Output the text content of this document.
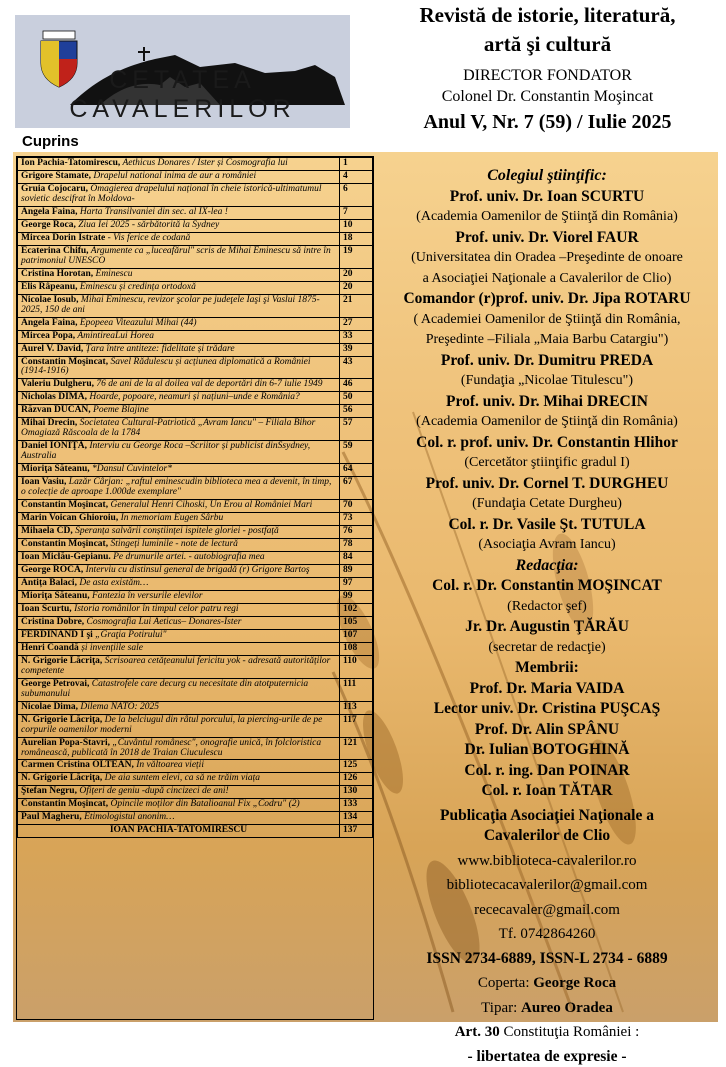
CETATEA CAVALERILOR
Cuprins
Revistă de istorie, literatură,
artă şi cultură
DIRECTOR FONDATOR
Colonel Dr. Constantin Moşincat
Anul V, Nr. 7 (59) / Iulie 2025
Ion Pachia-Tatomirescu, Aethicus Donares / Ister și Cosmografia lui	1
Grigore Stamate, Drapelul national inima de aur a româniei	4
Gruia Cojocaru, Omagierea drapelului național în cheie istorică-ultimatumul sovietic descifrat în Moldova-	6
Angela Faina, Harta Transilvaniei din sec. al IX-lea !	7
George Roca, Ziua Iei 2025 - sărbătorită la Sydney	10
Mircea Dorin Istrate - Vis ferice de codană	18
Ecaterina Chifu, Argumente ca „luceafărul" scris de Mihai Eminescu să intre în patrimoniul UNESCO	19
Cristina Horotan, Eminescu	20
Elis Râpeanu, Eminescu și credința ortodoxă	20
Nicolae Iosub, Mihai Eminescu, revizor şcolar pe judeţele Iaşi şi Vaslui 1875- 2025, 150 de ani	21
Angela Faina, Epopeea Viteazului Mihai (44)	27
Mircea Popa, AmintireaLui Horea	33
Aurel V. David, Țara între antiteze: fidelitate și trădare	39
Constantin Moşincat, Savel Rădulescu și acțiunea diplomatică a României (1914-1916)	43
Valeriu Dulgheru, 76 de ani de la al doilea val de deportări din 6-7 iulie 1949	46
Nicholas DIMA, Hoarde, popoare, neamuri și națiuni–unde e România?	50
Răzvan DUCAN, Poeme Blajine	56
Mihai Drecin, Societatea Cultural-Patriotică „Avram Iancu" – Filiala Bihor Omagiază Răscoala de la 1784	57
Daniel IONIŢĂ, Interviu cu George Roca –Scriitor și publicist dinSsydney, Australia	59
Mioriţa Săteanu, *Dansul Cuvintelor*	64
Ioan Vasiu, Lazăr Cârjan: „raftul eminescudin biblioteca mea a devenit, în timp, o colecție de aproape 1.000de exemplare"	67
Constantin Moşincat, Generalul Henri Cihoski, Un Erou al României Mari	70
Marin Voican Ghioroiu, In memoriam Eugen Sârbu	73
Mihaela CD, Speranța salvării conștiinței ispitele gloriei - postfață	76
Constantin Moşincat, Stingeți luminile - note de lectură	78
Ioan Miclău-Gepianu. Pe drumurile artei. - autobiografia mea	84
George ROCA, Interviu cu distinsul general de brigadă (r) Grigore Bartoş	89
Antița Balaci, De asta existăm…	97
Mioriţa Săteanu, Fantezia în versurile elevilor	99
Ioan Scurtu, Istoria românilor în timpul celor patru regi	102
Cristina Dobre, Cosmografia Lui Aeticus– Donares-Ister	105
FERDINAND I şi „Graţia Potirului"	107
Henri Coandă și invențiile sale	108
N. Grigorie Lăcriţa, Scrisoarea cetățeanului fericitu yok - adresată autorităților competente	110
George Petrovai, Catastrofele care decurg cu necesitate din atotputernicia subumanului	111
Nicolae Dima, Dilema NATO: 2025	113
N. Grigorie Lăcriţa, De la belciugul din râtul porcului, la piercing-urile de pe corpurile oamenilor moderni	117
Aurelian Popa-Stavri, „Cuvântul românesc", onografie unică, în folcloristica românească, publicată în 2018 de Traian Ciuculescu	121
Carmen Cristina OLTEAN, În văltoarea vieții	125
N. Grigorie Lăcriţa, De aia suntem elevi, ca să ne trăim viața	126
Ştefan Negru, Ofițeri de geniu -după cincizeci de ani!	130
Constantin Moşincat, Opincile moților din Batalioanul Fix „Codru" (2)	133
Paul Magheru, Etimologistul anonim…	134
IOAN PACHIA-TATOMIRESCU	137
Colegiul ştiinţific:
Prof. univ. Dr. Ioan SCURTU
(Academia Oamenilor de Ştiinţă din România)
Prof. univ. Dr. Viorel FAUR
(Universitatea din Oradea –Preşedinte de onoare
a Asociaţiei Naţionale a Cavalerilor de Clio)
Comandor (r)prof. univ. Dr. Jipa ROTARU
( Academiei Oamenilor de Ştiinţă din România,
Preşedinte –Filiala „Maia Barbu Catargiu")
Prof. univ. Dr. Dumitru PREDA
(Fundaţia „Nicolae Titulescu")
Prof. univ. Dr. Mihai DRECIN
(Academia Oamenilor de Ştiinţă din România)
Col. r. prof. univ. Dr. Constantin Hlihor
(Cercetător ştiinţific gradul I)
Prof. univ. Dr. Cornel T. DURGHEU
(Fundaţia Cetate Durgheu)
Col. r. Dr. Vasile Şt. TUTULA
(Asociaţia Avram Iancu)
Redacţia:
Col. r. Dr. Constantin MOŞINCAT
(Redactor şef)
Jr. Dr. Augustin ŢĂRĂU
(secretar de redacţie)
Membrii:
Prof. Dr. Maria VAIDA
Lector univ. Dr. Cristina PUŞCAŞ
Prof. Dr. Alin SPÂNU
Dr. Iulian BOTOGHINĂ
Col. r. ing. Dan POINAR
Col. r. Ioan TĂTAR
Publicaţia Asociaţiei Naţionale a
Cavalerilor de Clio
www.biblioteca-cavalerilor.ro
bibliotecacavalerilor@gmail.com
rececavaler@gmail.com
Tf. 0742864260
ISSN 2734-6889, ISSN-L 2734 - 6889
Coperta: George Roca
Tipar: Aureo Oradea
Art. 30 Constituţia României :
- libertatea de expresie -
